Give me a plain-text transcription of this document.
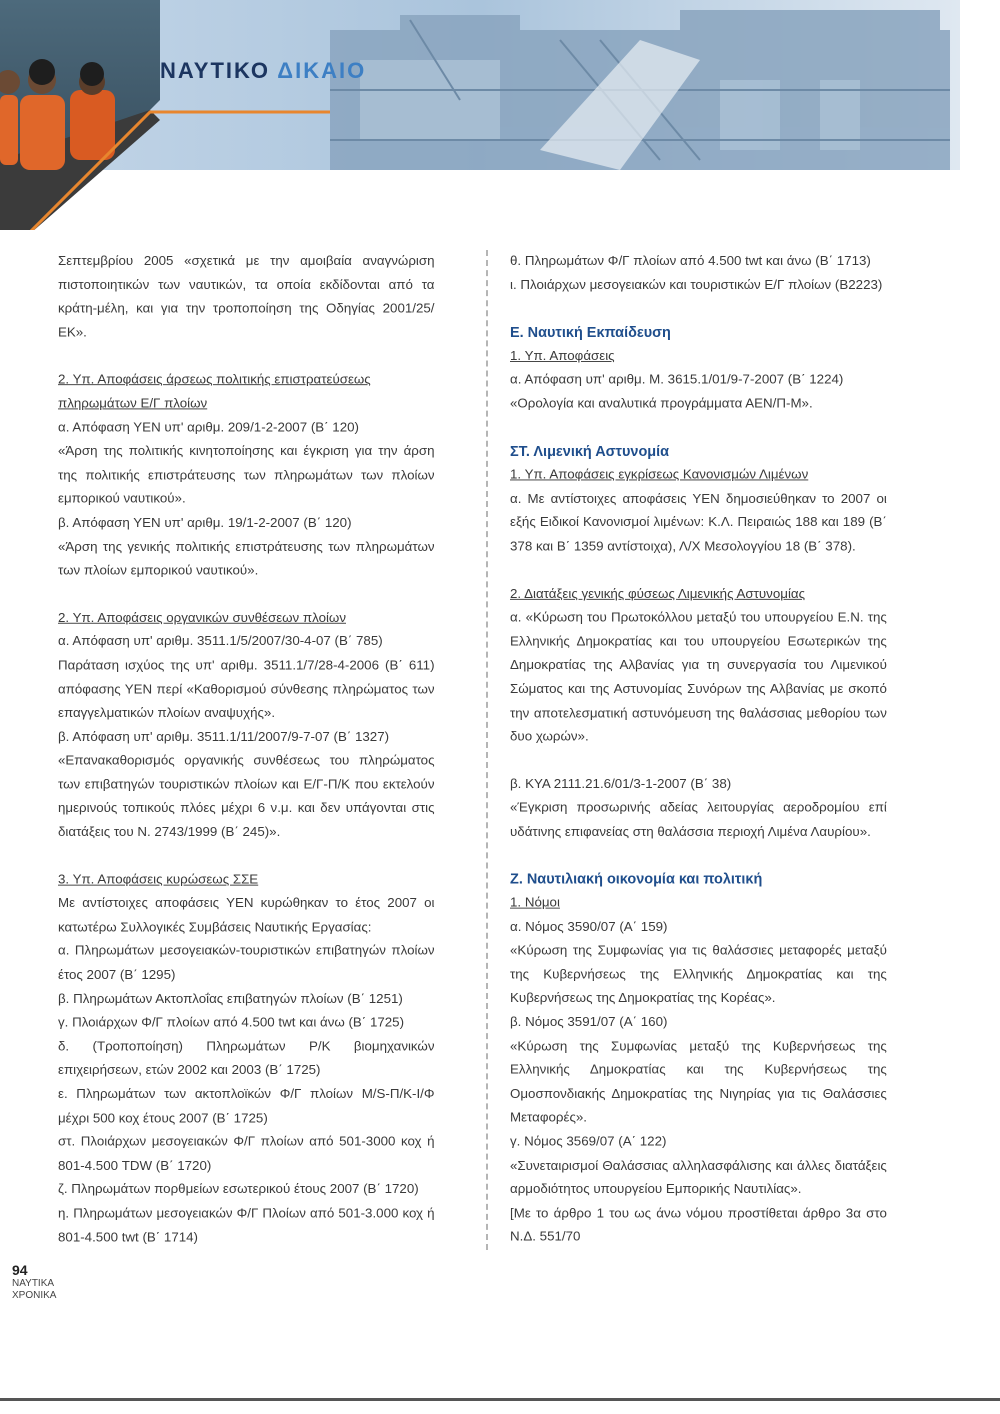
ΝΑΥΤΙΚΟ ΔΙΚΑΙΟ

Σεπτεμβρίου 2005 «σχετικά με την αμοιβαία αναγνώριση πιστοποιητικών των ναυτικών, τα οποία εκδίδονται από τα κράτη-μέλη, και για την τροποποίηση της Οδηγίας 2001/25/ ΕΚ».

2. Υπ. Αποφάσεις άρσεως πολιτικής επιστρατεύσεως πληρωμάτων Ε/Γ πλοίων

α. Απόφαση ΥΕΝ υπ' αριθμ. 209/1-2-2007 (Β΄ 120)

«Άρση της πολιτικής κινητοποίησης και έγκριση για την άρση της πολιτικής επιστράτευσης των πληρωμάτων των πλοίων εμπορικού ναυτικού».

β. Απόφαση ΥΕΝ υπ' αριθμ. 19/1-2-2007 (Β΄ 120)

«Άρση της γενικής πολιτικής επιστράτευσης των πληρωμάτων των πλοίων εμπορικού ναυτικού».

2. Υπ. Αποφάσεις οργανικών συνθέσεων πλοίων

α. Απόφαση υπ' αριθμ. 3511.1/5/2007/30-4-07 (Β΄ 785)

Παράταση ισχύος της υπ' αριθμ. 3511.1/7/28-4-2006 (Β΄ 611) απόφασης ΥΕΝ περί «Καθορισμού σύνθεσης πληρώματος των επαγγελματικών πλοίων αναψυχής».

β. Απόφαση υπ' αριθμ. 3511.1/11/2007/9-7-07 (Β΄ 1327)

«Επανακαθορισμός οργανικής συνθέσεως του πληρώματος των επιβατηγών τουριστικών πλοίων και Ε/Γ-Π/Κ που εκτελούν ημερινούς τοπικούς πλόες μέχρι 6 ν.μ. και δεν υπάγονται στις διατάξεις του Ν. 2743/1999 (Β΄ 245)».

3. Υπ. Αποφάσεις κυρώσεως ΣΣΕ

Με αντίστοιχες αποφάσεις ΥΕΝ κυρώθηκαν το έτος 2007 οι κατωτέρω Συλλογικές Συμβάσεις Ναυτικής Εργασίας:

α. Πληρωμάτων μεσογειακών-τουριστικών επιβατηγών πλοίων έτος 2007 (Β΄ 1295)

β. Πληρωμάτων Ακτοπλοΐας επιβατηγών πλοίων (Β΄ 1251)

γ. Πλοιάρχων Φ/Γ πλοίων από 4.500 twt και άνω (Β΄ 1725)

δ. (Τροποποίηση) Πληρωμάτων Ρ/Κ βιομηχανικών επιχειρήσεων, ετών 2002 και 2003 (Β΄ 1725)

ε. Πληρωμάτων των ακτοπλοϊκών Φ/Γ πλοίων Μ/S-Π/Κ-Ι/Φ μέχρι 500 κοχ έτους 2007 (Β΄ 1725)

στ. Πλοιάρχων μεσογειακών Φ/Γ πλοίων από 501-3000 κοχ ή 801-4.500 TDW (Β΄ 1720)

ζ. Πληρωμάτων πορθμείων εσωτερικού έτους 2007 (Β΄ 1720)

η. Πληρωμάτων μεσογειακών Φ/Γ Πλοίων από 501-3.000 κοχ ή 801-4.500 twt (Β΄ 1714)

θ. Πληρωμάτων Φ/Γ πλοίων από 4.500 twt και άνω (Β΄ 1713)

ι. Πλοιάρχων μεσογειακών και τουριστικών Ε/Γ πλοίων (Β2223)

Ε. Ναυτική Εκπαίδευση

1. Υπ. Αποφάσεις

α. Απόφαση υπ' αριθμ. Μ. 3615.1/01/9-7-2007 (Β΄ 1224)

«Ορολογία και αναλυτικά προγράμματα ΑΕΝ/Π-Μ».

ΣΤ. Λιμενική Αστυνομία

1. Υπ. Αποφάσεις εγκρίσεως Κανονισμών Λιμένων

α. Με αντίστοιχες αποφάσεις ΥΕΝ δημοσιεύθηκαν το 2007 οι εξής Ειδικοί Κανονισμοί λιμένων: Κ.Λ. Πειραιώς 188 και 189 (Β΄ 378 και Β΄ 1359 αντίστοιχα), Λ/Χ Μεσολογγίου 18 (Β΄ 378).

2. Διατάξεις γενικής φύσεως Λιμενικής Αστυνομίας

α. «Κύρωση του Πρωτοκόλλου μεταξύ του υπουργείου Ε.Ν. της Ελληνικής Δημοκρατίας και του υπουργείου Εσωτερικών της Δημοκρατίας της Αλβανίας για τη συνεργασία του Λιμενικού Σώματος και της Αστυνομίας Συνόρων της Αλβανίας με σκοπό την αποτελεσματική αστυνόμευση της θαλάσσιας μεθορίου των δυο χωρών».

β. ΚΥΑ 2111.21.6/01/3-1-2007 (Β΄ 38)

«Έγκριση προσωρινής αδείας λειτουργίας αεροδρομίου επί υδάτινης επιφανείας στη θαλάσσια περιοχή Λιμένα Λαυρίου».

Ζ. Ναυτιλιακή οικονομία και πολιτική

1. Νόμοι

α. Νόμος 3590/07 (Α΄ 159)

«Κύρωση της Συμφωνίας για τις θαλάσσιες μεταφορές μεταξύ της Κυβερνήσεως της Ελληνικής Δημοκρατίας και της Κυβερνήσεως της Δημοκρατίας της Κορέας».

β. Νόμος 3591/07 (Α΄ 160)

«Κύρωση της Συμφωνίας μεταξύ της Κυβερνήσεως της Ελληνικής Δημοκρατίας και της Κυβερνήσεως της Ομοσπονδιακής Δημοκρατίας της Νιγηρίας για τις Θαλάσσιες Μεταφορές».

γ. Νόμος 3569/07 (Α΄ 122)

«Συνεταιρισμοί Θαλάσσιας αλληλασφάλισης και άλλες διατάξεις αρμοδιότητος υπουργείου Εμπορικής Ναυτιλίας».

[Με το άρθρο 1 του ως άνω νόμου προστίθεται άρθρο 3α στο Ν.Δ. 551/70

94
ΝΑΥΤΙΚΑ
ΧΡΟΝΙΚΑ
